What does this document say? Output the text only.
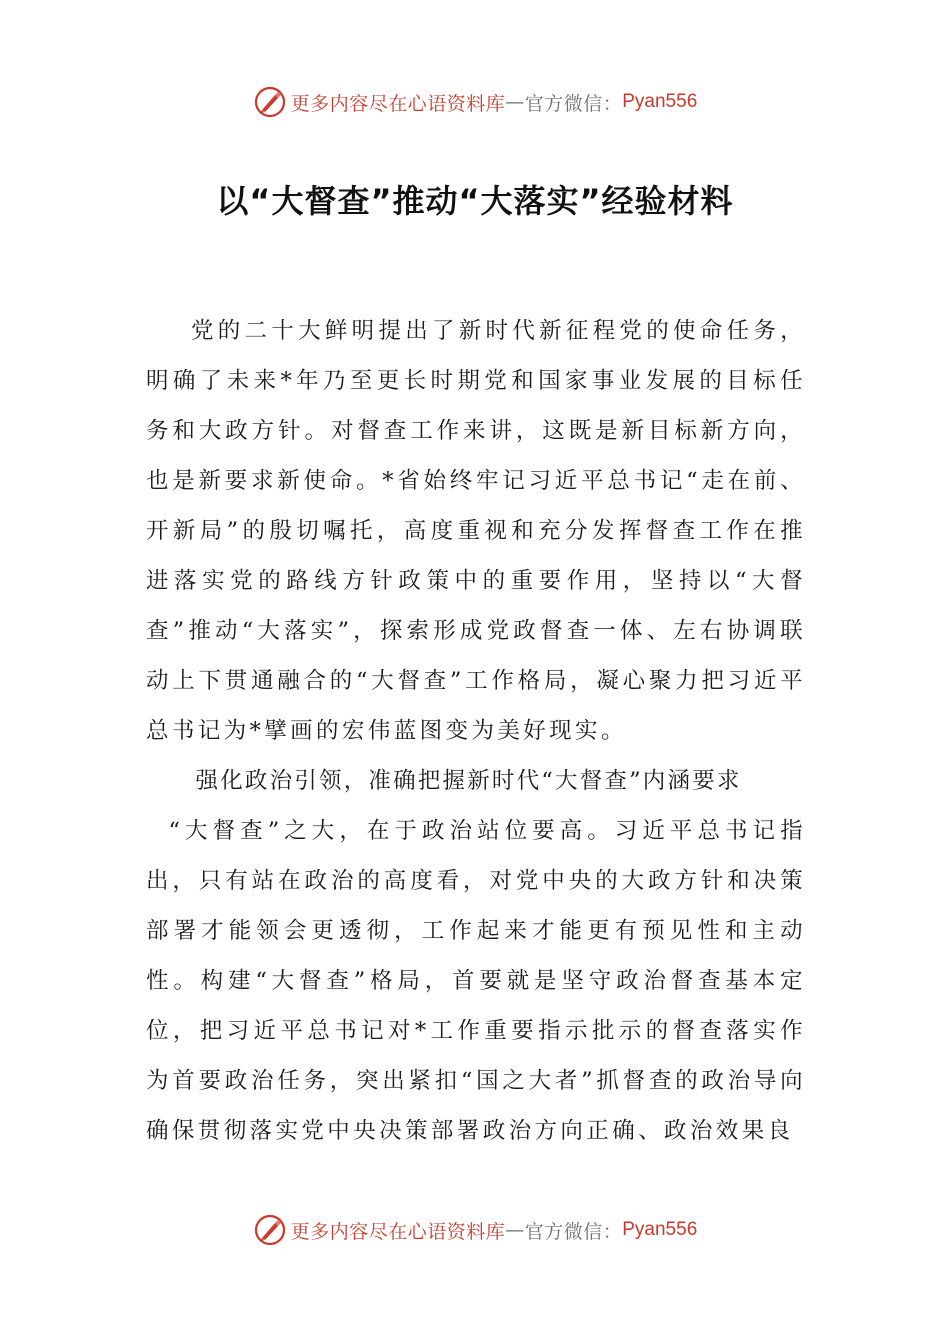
更多内容尽在心语资料库 — 官方微信： Pyan556
以“大督查”推动“大落实”经验材料

党的二十大鲜明提出了新时代新征程党的使命任务，明确了未来*年乃至更长时期党和国家事业发展的目标任务和大政方针。对督查工作来讲，这既是新目标新方向，也是新要求新使命。*省始终牢记习近平总书记“走在前、开新局”的殷切嘱托，高度重视和充分发挥督查工作在推进落实党的路线方针政策中的重要作用，坚持以“大督查”推动“大落实”，探索形成党政督查一体、左右协调联动上下贯通融合的“大督查”工作格局，凝心聚力把习近平总书记为*擘画的宏伟蓝图变为美好现实。

强化政治引领，准确把握新时代“大督查”内涵要求

“大督查”之大，在于政治站位要高。习近平总书记指出，只有站在政治的高度看，对党中央的大政方针和决策部署才能领会更透彻，工作起来才能更有预见性和主动性。构建“大督查”格局，首要就是坚守政治督查基本定位，把习近平总书记对*工作重要指示批示的督查落实作为首要政治任务，突出紧扣“国之大者”抓督查的政治导向确保贯彻落实党中央决策部署政治方向正确、政治效果良

更多内容尽在心语资料库 — 官方微信： Pyan556
